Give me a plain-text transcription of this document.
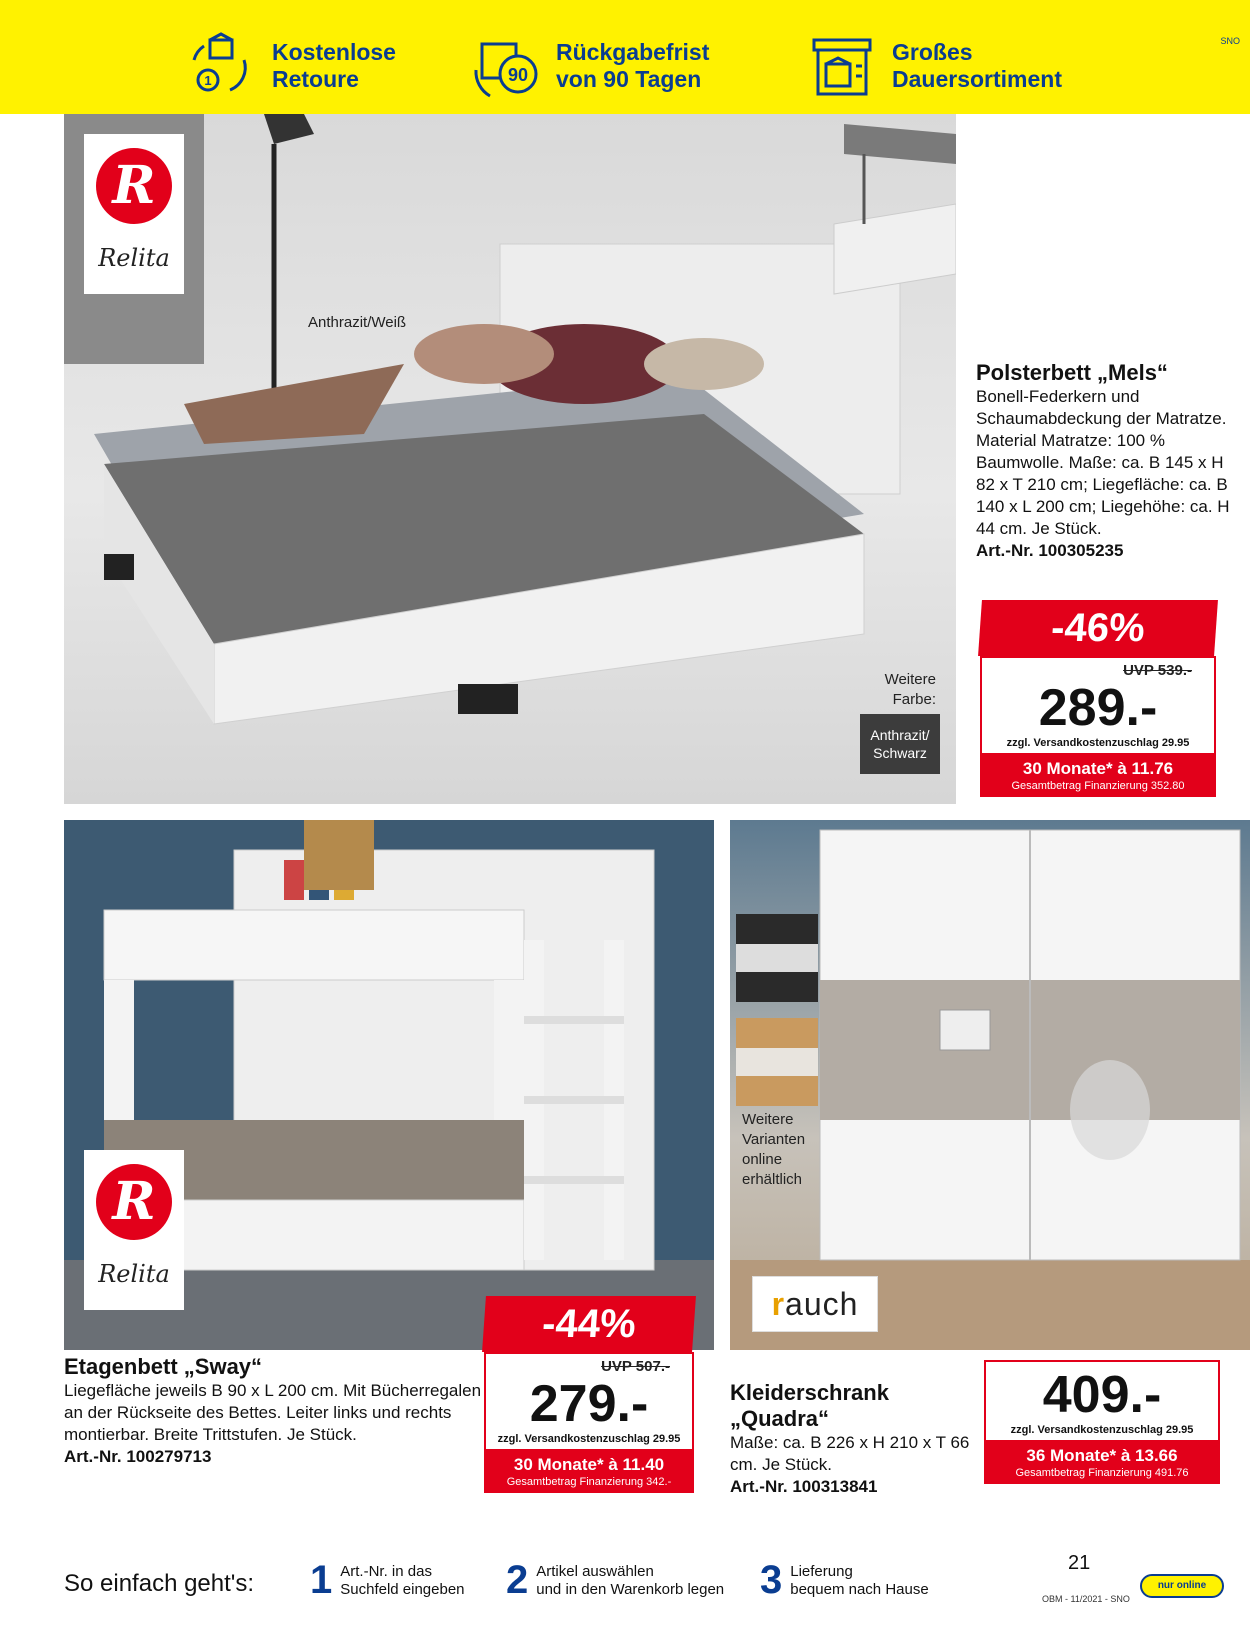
1
Kostenlose
Retoure	90
Rückgabefrist
von 90 Tagen
Großes
Dauersortiment
SNO
R
Relita
Anthrazit/Weiß
Weitere
Farbe:
Anthrazit/
Schwarz
Polsterbett „Mels“
Bonell-Federkern und Schaumabdeckung der Matratze. Material Matratze: 100 % Baumwolle. Maße: ca. B 145 x H 82 x T 210 cm; Liegefläche: ca. B 140 x L 200 cm; Liegehöhe: ca. H 44 cm. Je Stück.
Art.-Nr. 100305235
-46%
UVP 539.-
289.-
zzgl. Versandkostenzuschlag 29.95
30 Monate* à 11.76
Gesamtbetrag Finanzierung 352.80
R
Relita
Weitere
Varianten
online
erhältlich
rauch
Etagenbett „Sway“
Liegefläche jeweils B 90 x L 200 cm. Mit Bücherregalen an der Rückseite des Bettes. Leiter links und rechts montierbar. Breite Trittstufen. Je Stück.
Art.-Nr. 100279713
-44%
UVP 507.-
279.-
zzgl. Versandkostenzuschlag 29.95
30 Monate* à 11.40
Gesamtbetrag Finanzierung 342.-
Kleiderschrank
„Quadra“
Maße: ca. B 226 x H 210 x T 66 cm. Je Stück.
Art.-Nr. 100313841
409.-
zzgl. Versandkostenzuschlag 29.95
36 Monate* à 13.66
Gesamtbetrag Finanzierung 491.76
So einfach geht's: 1 Art.-Nr. in das
Suchfeld eingeben 2 Artikel auswählen
und in den Warenkorb legen 3 Lieferung
bequem nach Hause
21
OBM - 11/2021 - SNO
nur online
